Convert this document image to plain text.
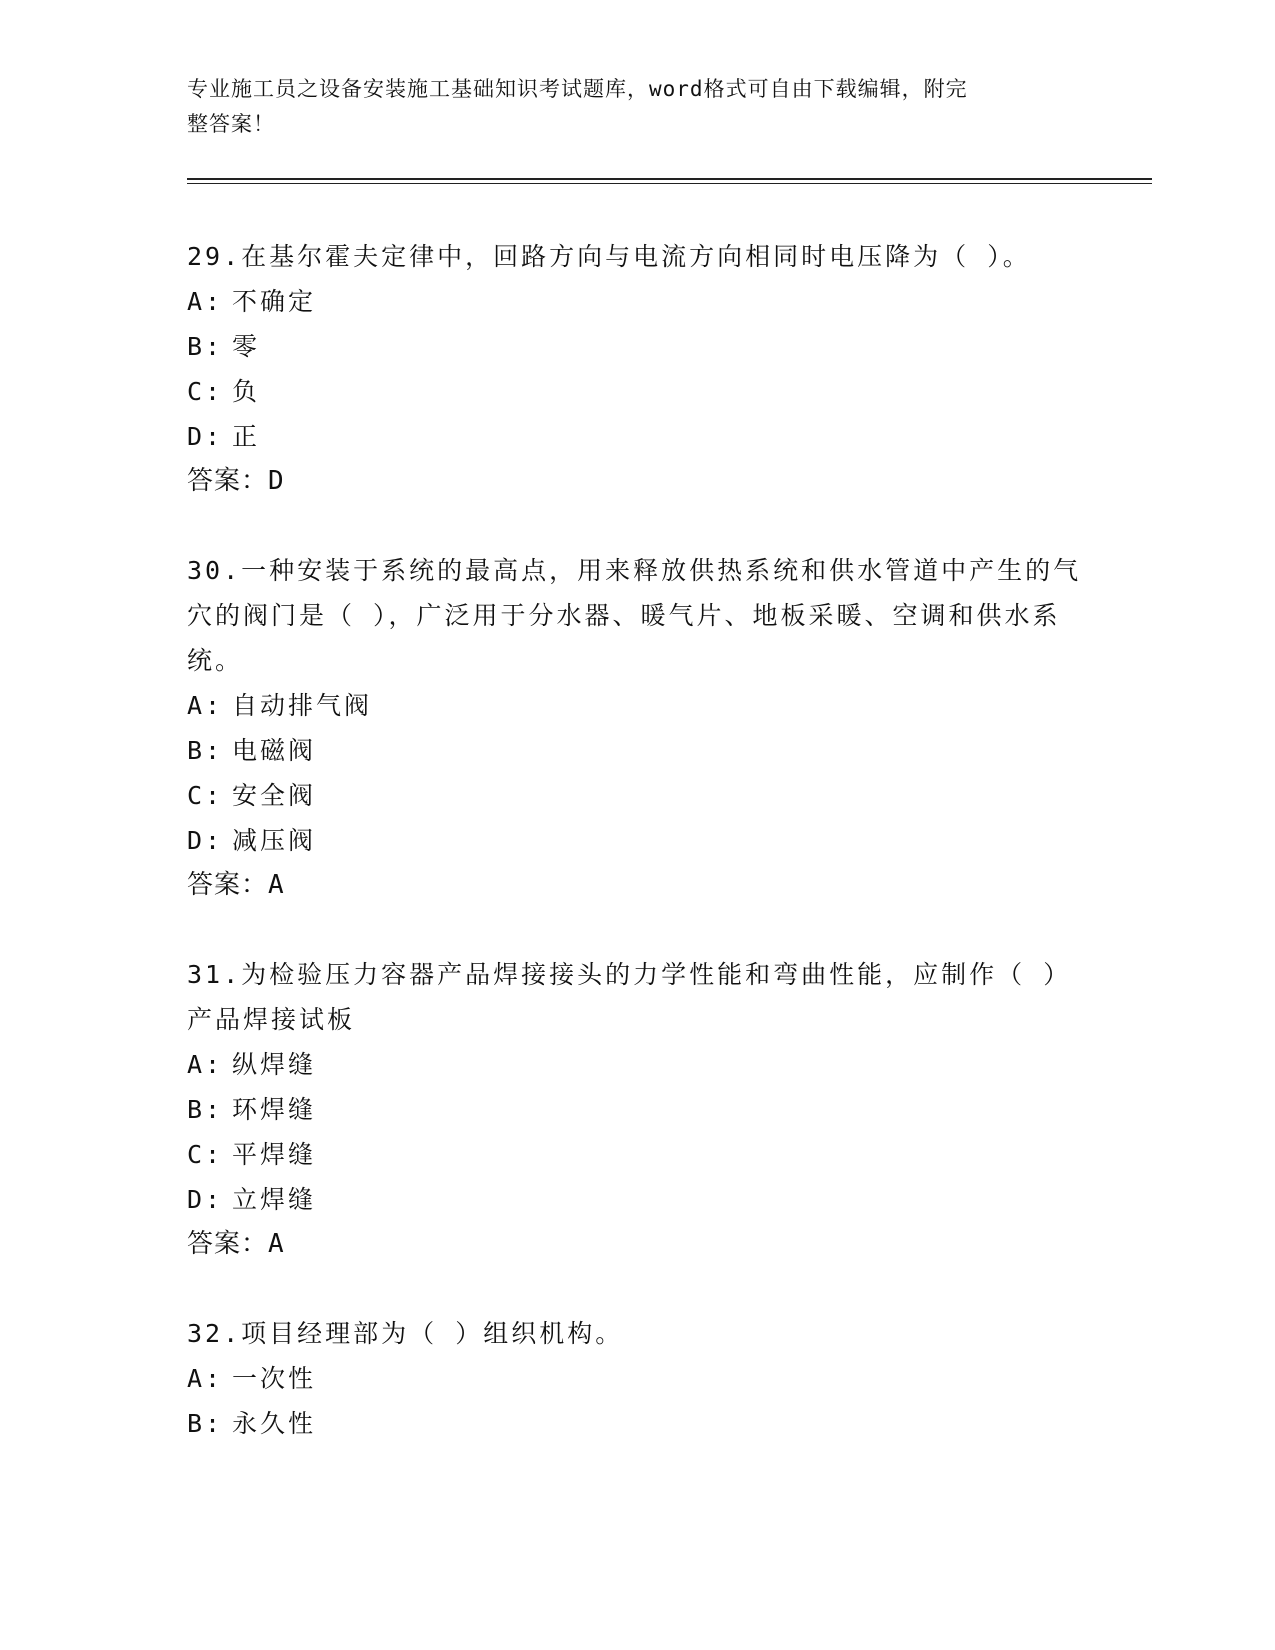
专业施工员之设备安装施工基础知识考试题库，word格式可自由下载编辑，附完
整答案！
29.在基尔霍夫定律中，回路方向与电流方向相同时电压降为（ ）。
A: 不确定
B: 零
C: 负
D: 正
答案：D
30.一种安装于系统的最高点，用来释放供热系统和供水管道中产生的气穴的阀门是（ ），广泛用于分水器、暖气片、地板采暖、空调和供水系统。
A: 自动排气阀
B: 电磁阀
C: 安全阀
D: 减压阀
答案：A
31.为检验压力容器产品焊接接头的力学性能和弯曲性能，应制作（ ）产品焊接试板
A: 纵焊缝
B: 环焊缝
C: 平焊缝
D: 立焊缝
答案：A
32.项目经理部为（ ）组织机构。
A: 一次性
B: 永久性
